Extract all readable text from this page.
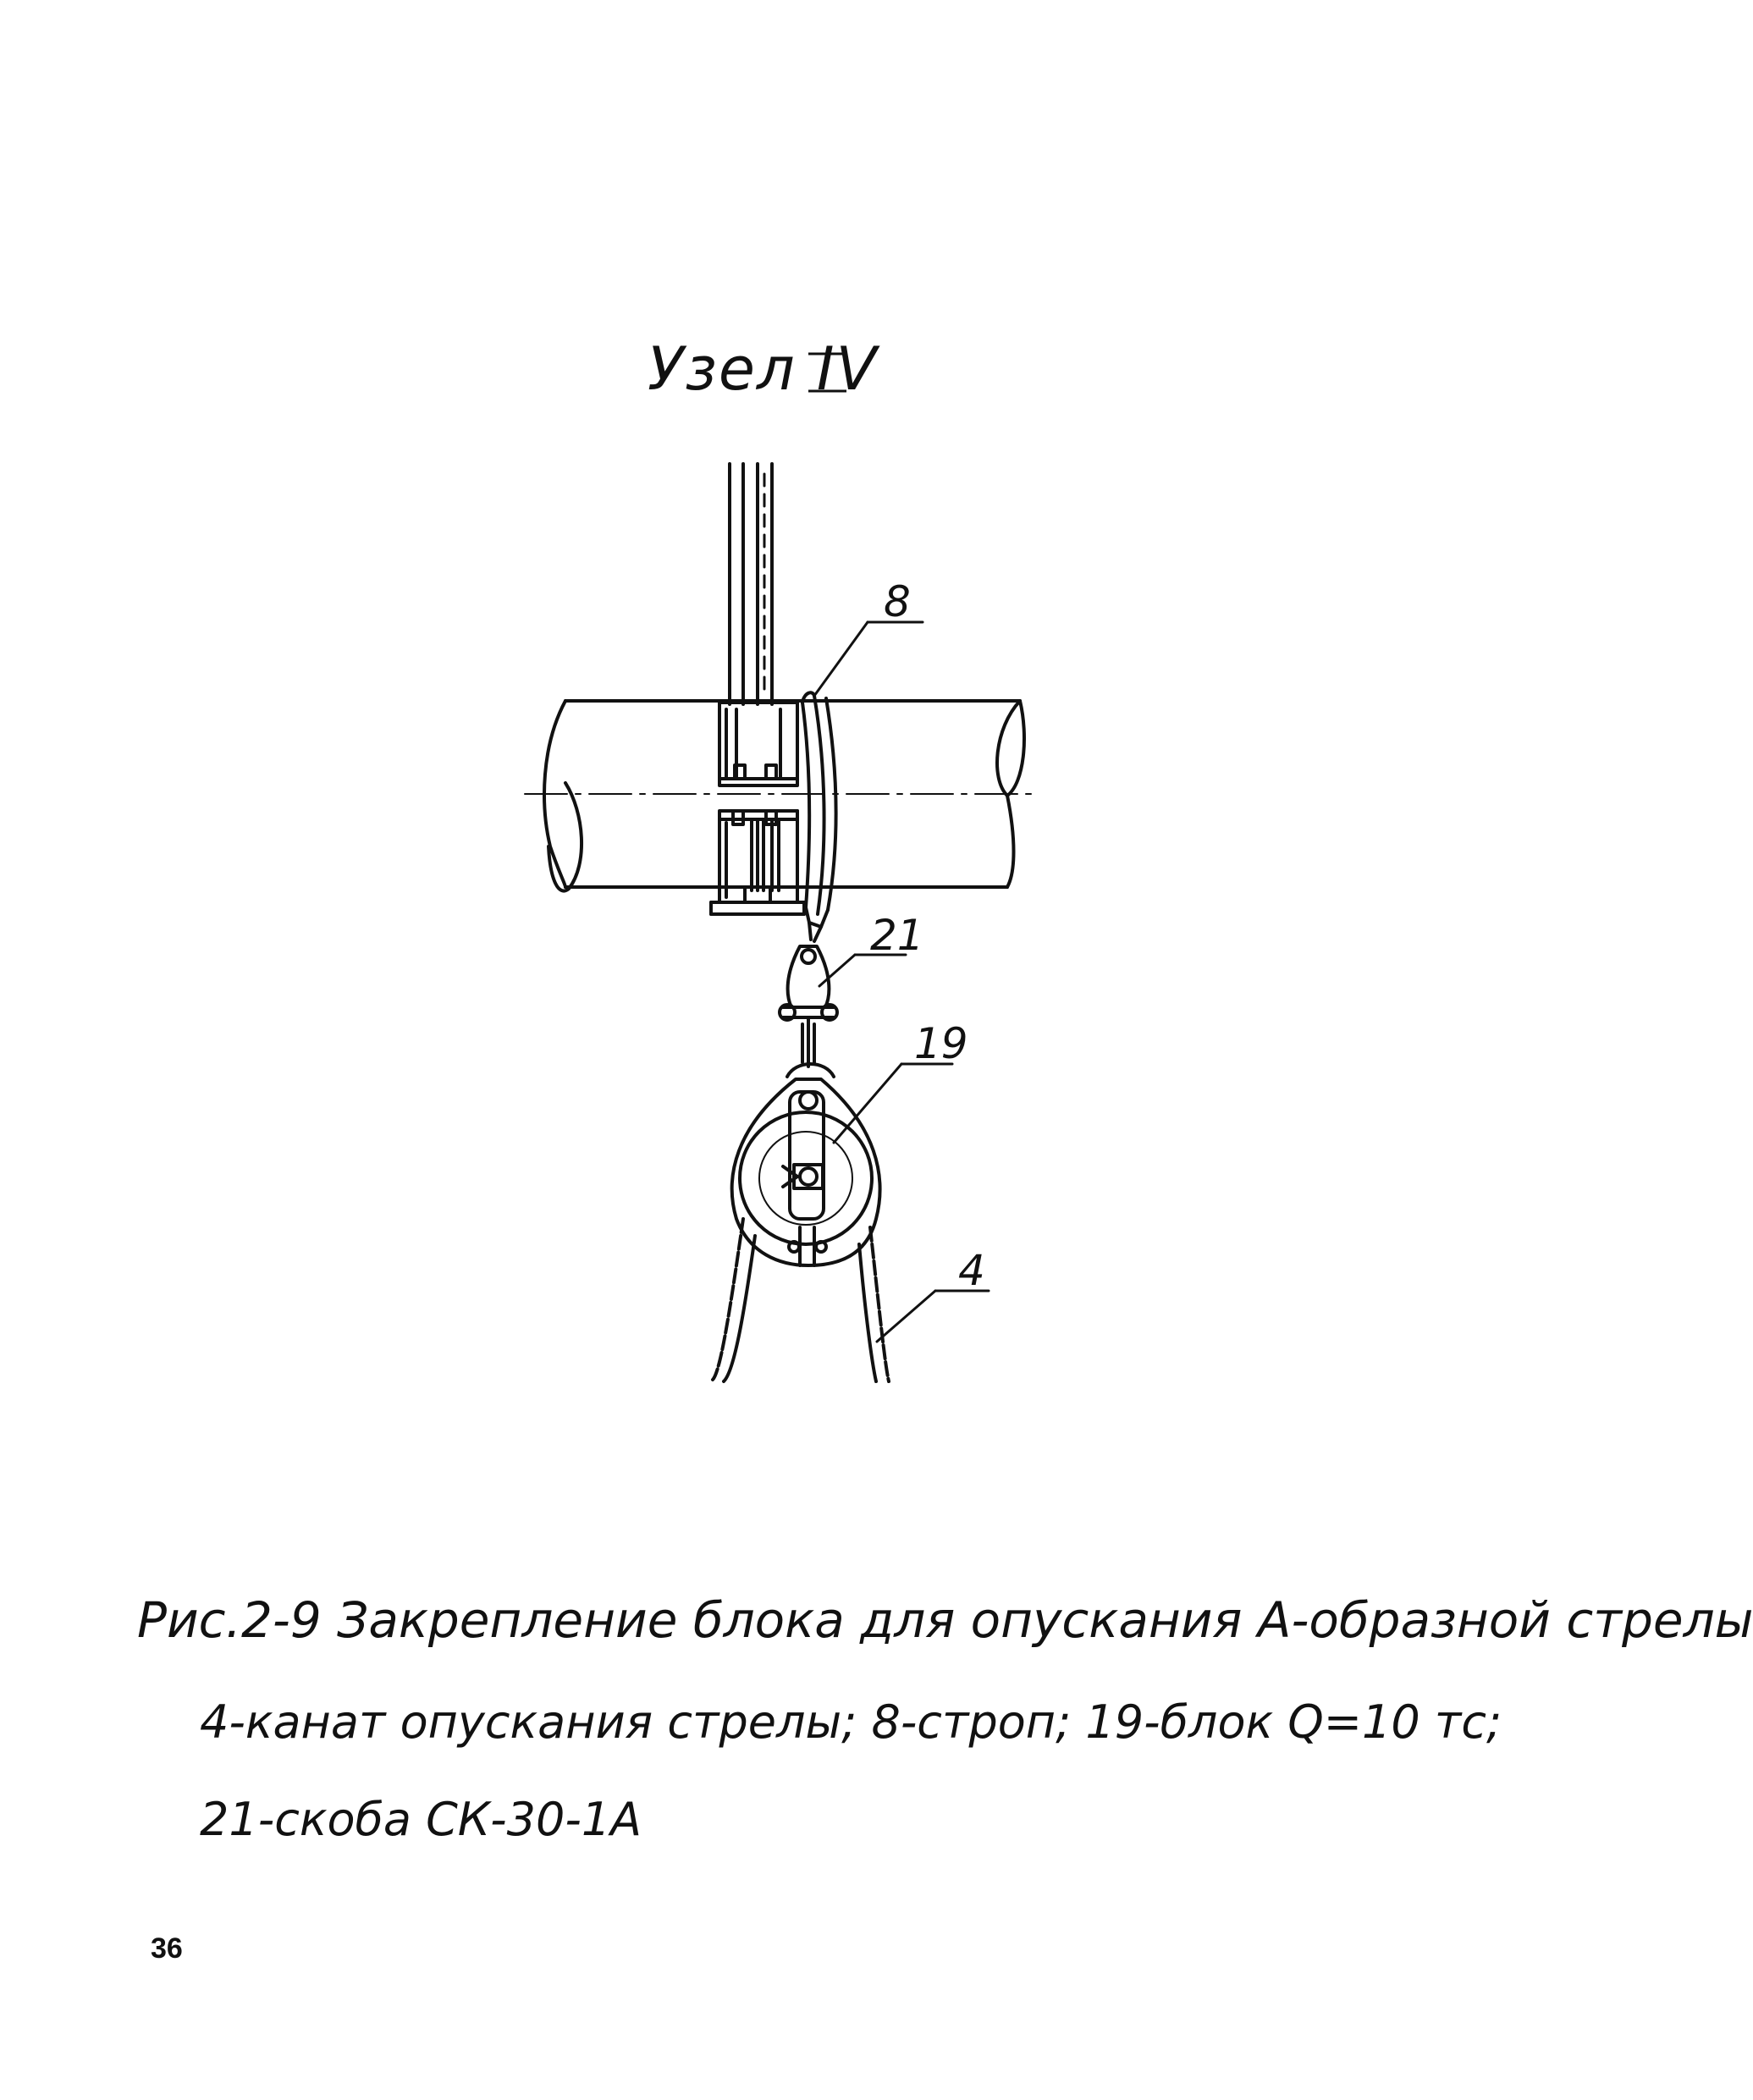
Узел IV
8
21
19
4
Рис.2-9 Закрепление блока для опускания А-образной стрелы
4-канат опускания стрелы; 8-строп; 19-блок Q=10 тс;
21-скоба СК-30-1А
36
